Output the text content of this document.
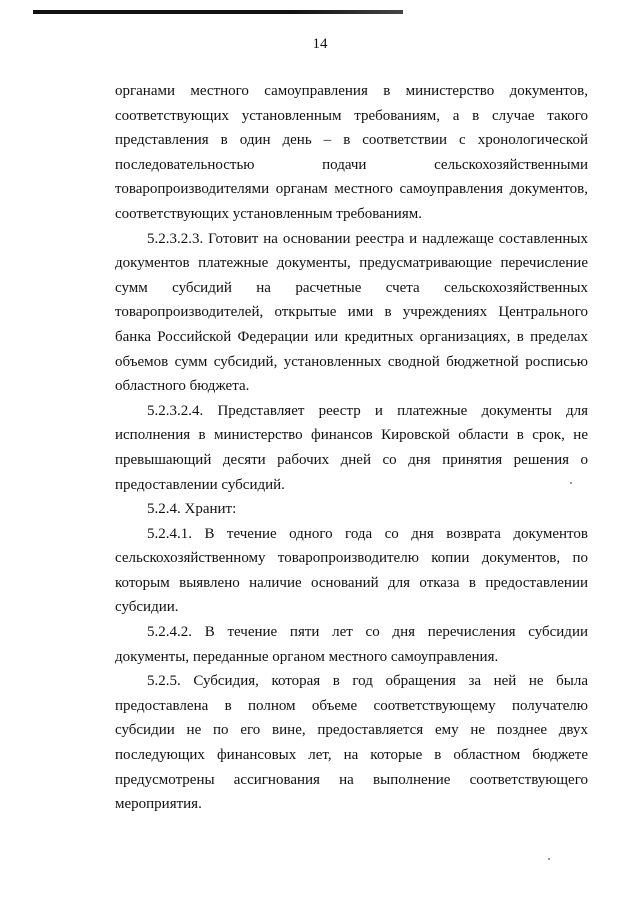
14

органами местного самоуправления в министерство документов, соответствующих установленным требованиям, а в случае такого представления в один день – в соответствии с хронологической последовательностью подачи сельскохозяйственными товаропроизводителями органам местного самоуправления документов, соответствующих установленным требованиям.

5.2.3.2.3. Готовит на основании реестра и надлежаще составленных документов платежные документы, предусматривающие перечисление сумм субсидий на расчетные счета сельскохозяйственных товаропроизводителей, открытые ими в учреждениях Центрального банка Российской Федерации или кредитных организациях, в пределах объемов сумм субсидий, установленных сводной бюджетной росписью областного бюджета.

5.2.3.2.4. Представляет реестр и платежные документы для исполнения в министерство финансов Кировской области в срок, не превышающий десяти рабочих дней со дня принятия решения о предоставлении субсидий.

5.2.4. Хранит:

5.2.4.1. В течение одного года со дня возврата документов сельскохозяйственному товаропроизводителю копии документов, по которым выявлено наличие оснований для отказа в предоставлении субсидии.

5.2.4.2. В течение пяти лет со дня перечисления субсидии документы, переданные органом местного самоуправления.

5.2.5. Субсидия, которая в год обращения за ней не была предоставлена в полном объеме соответствующему получателю субсидии не по его вине, предоставляется ему не позднее двух последующих финансовых лет, на которые в областном бюджете предусмотрены ассигнования на выполнение соответствующего мероприятия.
